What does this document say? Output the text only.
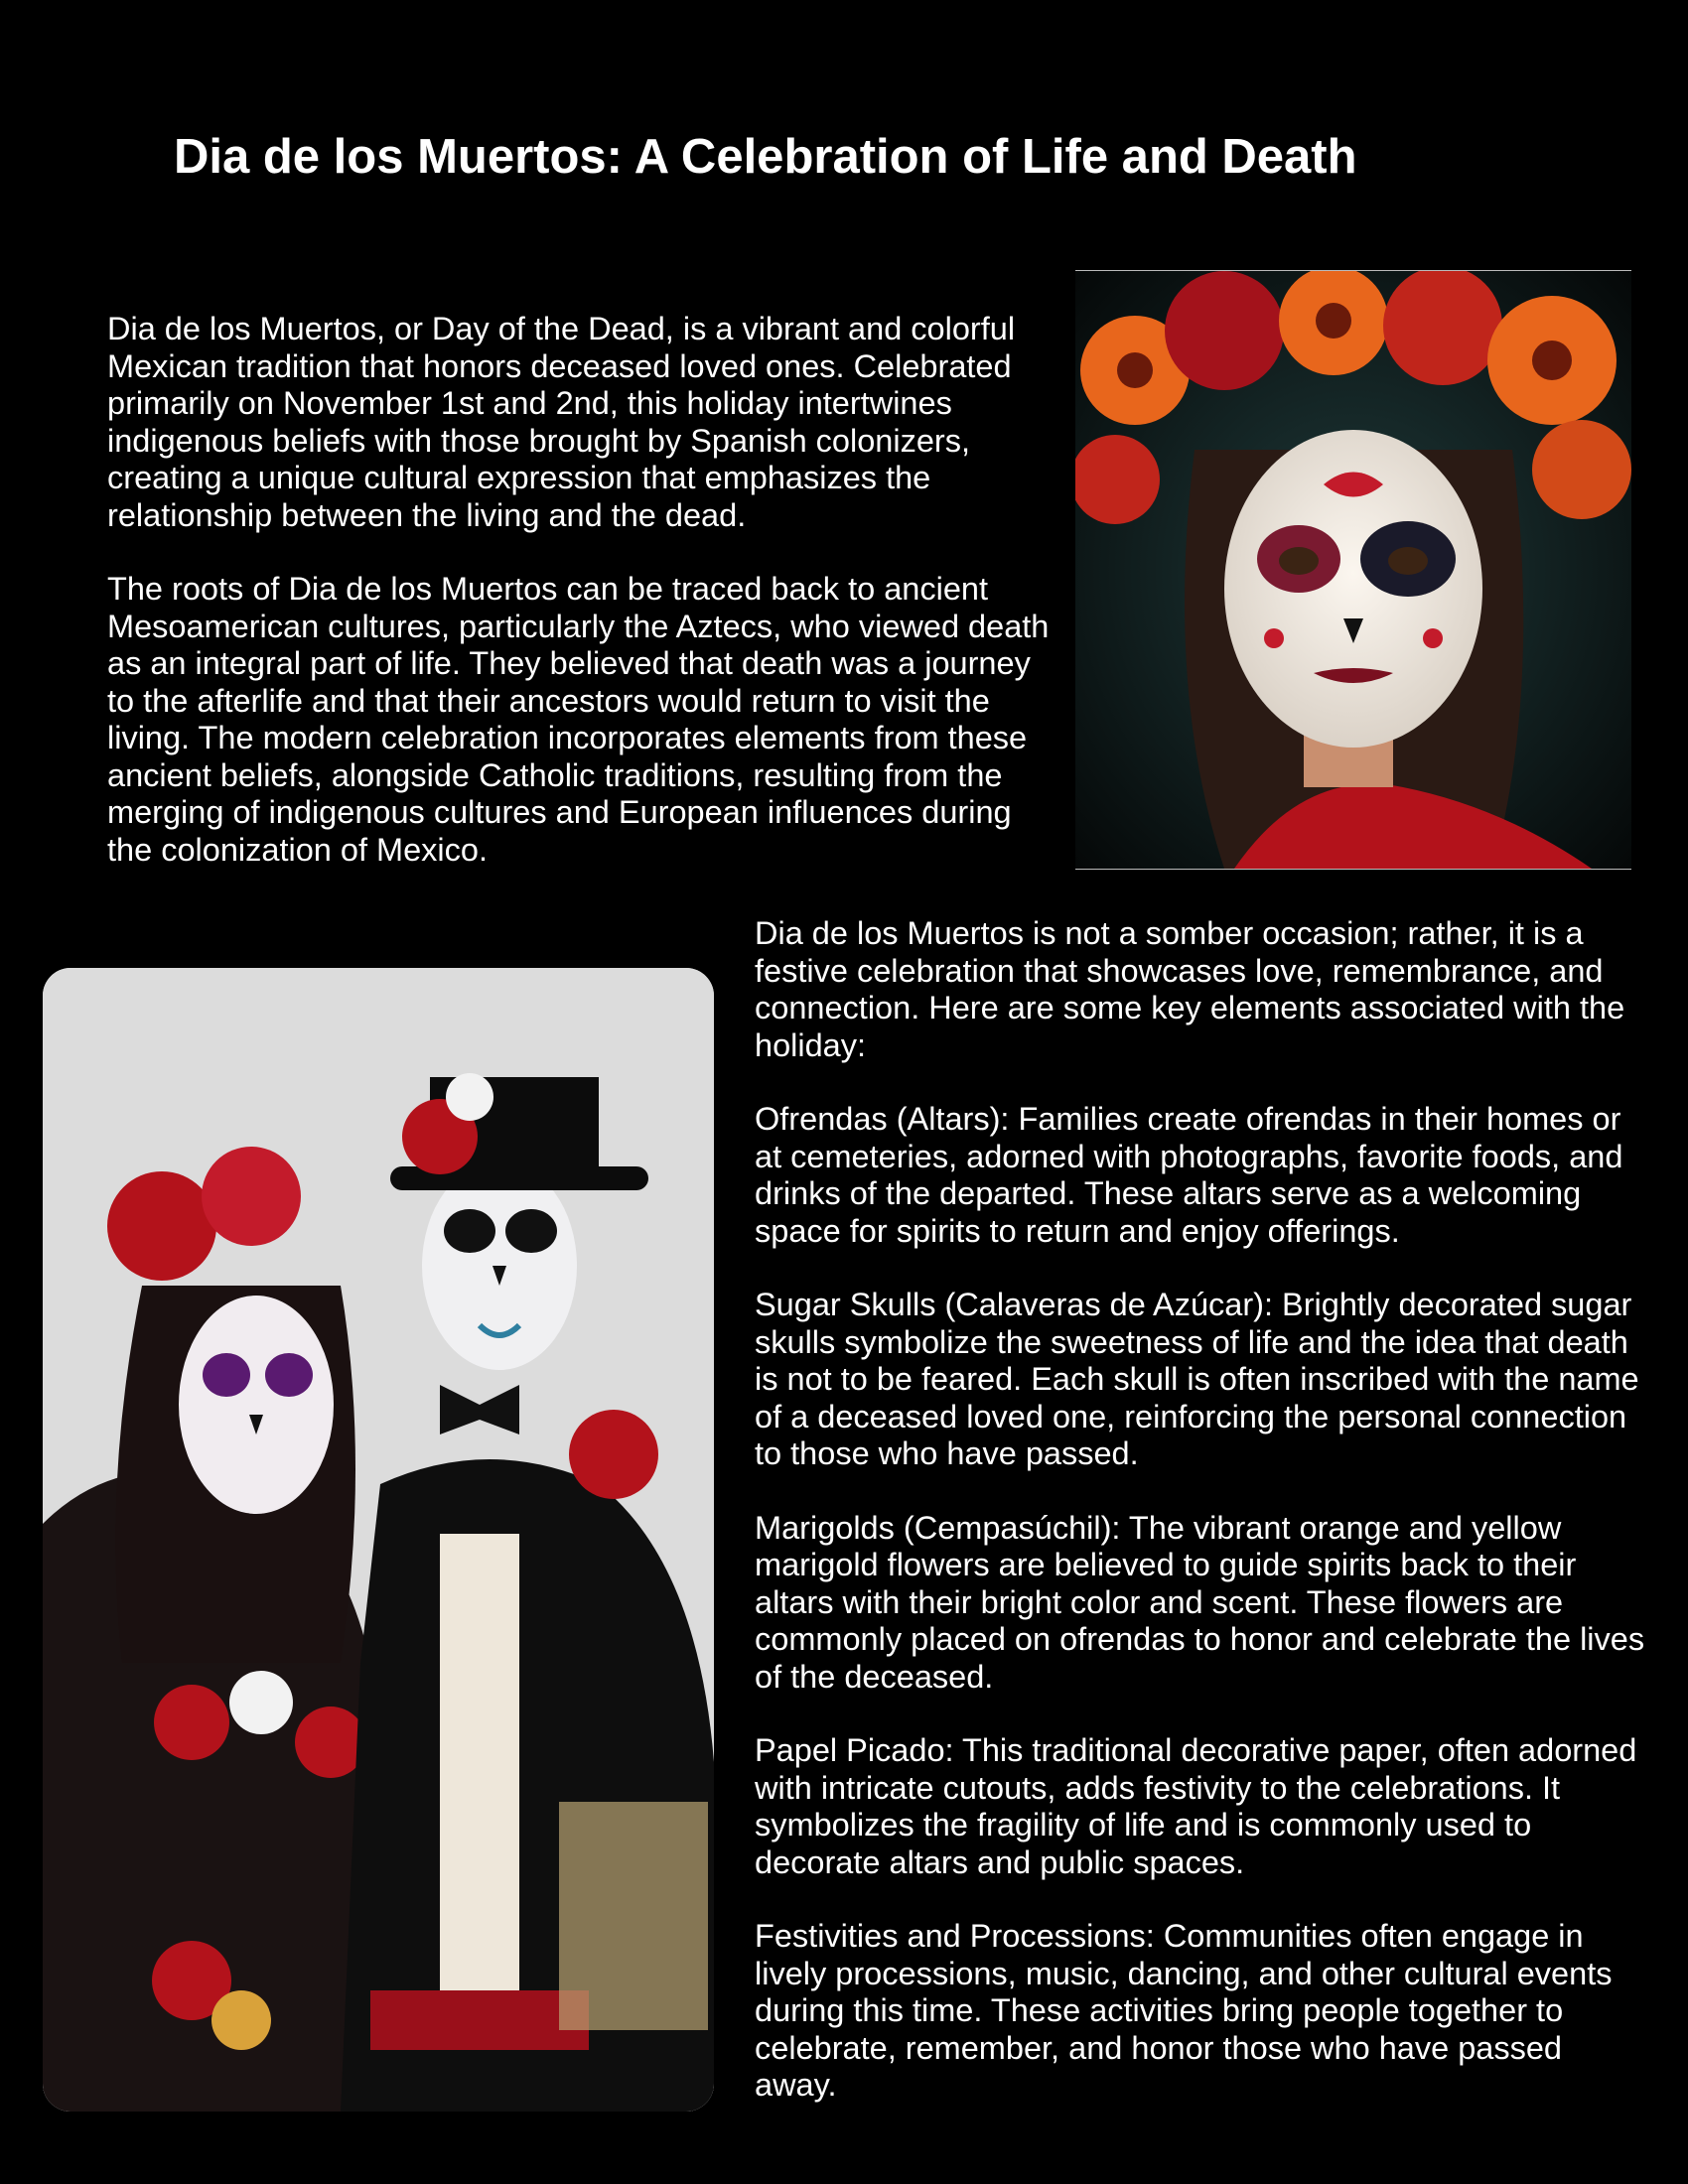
Dia de los Muertos: A Celebration of Life and Death

Dia de los Muertos, or Day of the Dead, is a vibrant and colorful Mexican tradition that honors deceased loved ones. Celebrated primarily on November 1st and 2nd, this holiday intertwines indigenous beliefs with those brought by Spanish colonizers, creating a unique cultural expression that emphasizes the relationship between the living and the dead.

The roots of Dia de los Muertos can be traced back to ancient Mesoamerican cultures, particularly the Aztecs, who viewed death as an integral part of life. They believed that death was a journey to the afterlife and that their ancestors would return to visit the living. The modern celebration incorporates elements from these ancient beliefs, alongside Catholic traditions, resulting from the merging of indigenous cultures and European influences during the colonization of Mexico.

Dia de los Muertos is not a somber occasion; rather, it is a festive celebration that showcases love, remembrance, and connection. Here are some key elements associated with the holiday:

Ofrendas (Altars): Families create ofrendas in their homes or at cemeteries, adorned with photographs, favorite foods, and drinks of the departed. These altars serve as a welcoming space for spirits to return and enjoy offerings.

Sugar Skulls (Calaveras de Azúcar): Brightly decorated sugar skulls symbolize the sweetness of life and the idea that death is not to be feared. Each skull is often inscribed with the name of a deceased loved one, reinforcing the personal connection to those who have passed.

Marigolds (Cempasúchil): The vibrant orange and yellow marigold flowers are believed to guide spirits back to their altars with their bright color and scent. These flowers are commonly placed on ofrendas to honor and celebrate the lives of the deceased.

Papel Picado: This traditional decorative paper, often adorned with intricate cutouts, adds festivity to the celebrations. It symbolizes the fragility of life and is commonly used to decorate altars and public spaces.

Festivities and Processions: Communities often engage in lively processions, music, dancing, and other cultural events during this time. These activities bring people together to celebrate, remember, and honor those who have passed away.
